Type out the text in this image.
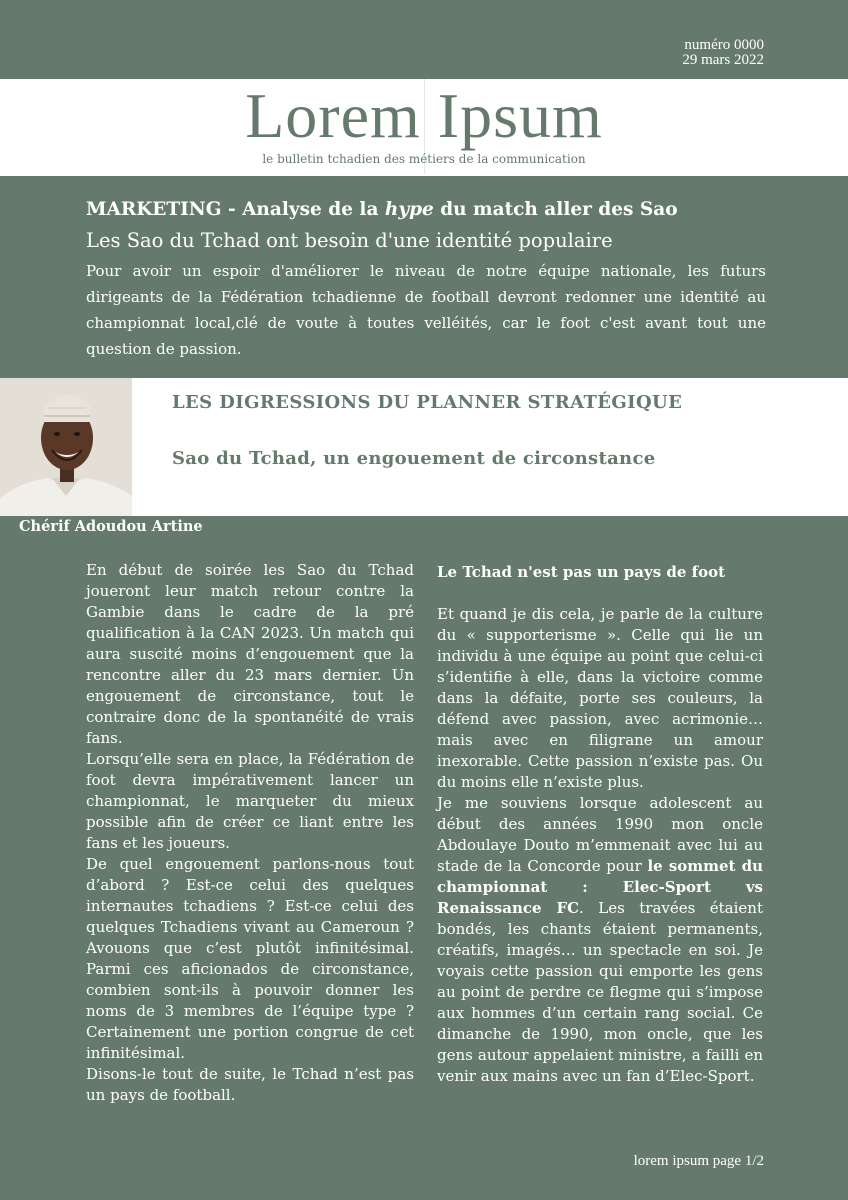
numéro 0000
29 mars 2022
Lorem Ipsum
le bulletin tchadien des métiers de la communication
MARKETING - Analyse de la hype du match aller des Sao
Les Sao du Tchad ont besoin d'une identité populaire
Pour avoir un espoir d'améliorer le niveau de notre équipe nationale, les futurs dirigeants de la Fédération tchadienne de football devront redonner une identité au championnat local,clé de voute à toutes velléités, car le foot c'est avant tout une question de passion.
LES DIGRESSIONS DU PLANNER STRATÉGIQUE
Sao du Tchad, un engouement de circonstance
Chérif Adoudou Artine

En début de soirée les Sao du Tchad joueront leur match retour contre la Gambie dans le cadre de la pré qualification à la CAN 2023. Un match qui aura suscité moins d’engouement que la rencontre aller du 23 mars dernier. Un engouement de circonstance, tout le contraire donc de la spontanéité de vrais fans.

Lorsqu’elle sera en place, la Fédération de foot devra impérativement lancer un championnat, le marqueter du mieux possible afin de créer ce liant entre les fans et les joueurs.

De quel engouement parlons-nous tout d’abord ? Est-ce celui des quelques internautes tchadiens ? Est-ce celui des quelques Tchadiens vivant au Cameroun ? Avouons que c’est plutôt infinitésimal. Parmi ces aficionados de circonstance, combien sont-ils à pouvoir donner les noms de 3 membres de l’équipe type ? Certainement une portion congrue de cet infinitésimal.

Disons-le tout de suite, le Tchad n’est pas un pays de football.

Le Tchad n'est pas un pays de foot

Et quand je dis cela, je parle de la culture du « supporterisme ». Celle qui lie un individu à une équipe au point que celui-ci s’identifie à elle, dans la victoire comme dans la défaite, porte ses couleurs, la défend avec passion, avec acrimonie… mais avec en filigrane un amour inexorable. Cette passion n’existe pas. Ou du moins elle n’existe plus.

Je me souviens lorsque adolescent au début des années 1990 mon oncle Abdoulaye Douto m’emmenait avec lui au stade de la Concorde pour le sommet du championnat : Elec-Sport vs Renaissance FC. Les travées étaient bondés, les chants étaient permanents, créatifs, imagés… un spectacle en soi. Je voyais cette passion qui emporte les gens au point de perdre ce flegme qui s’impose aux hommes d’un certain rang social. Ce dimanche de 1990, mon oncle, que les gens autour appelaient ministre, a failli en venir aux mains avec un fan d’Elec-Sport.

lorem ipsum page 1/2
